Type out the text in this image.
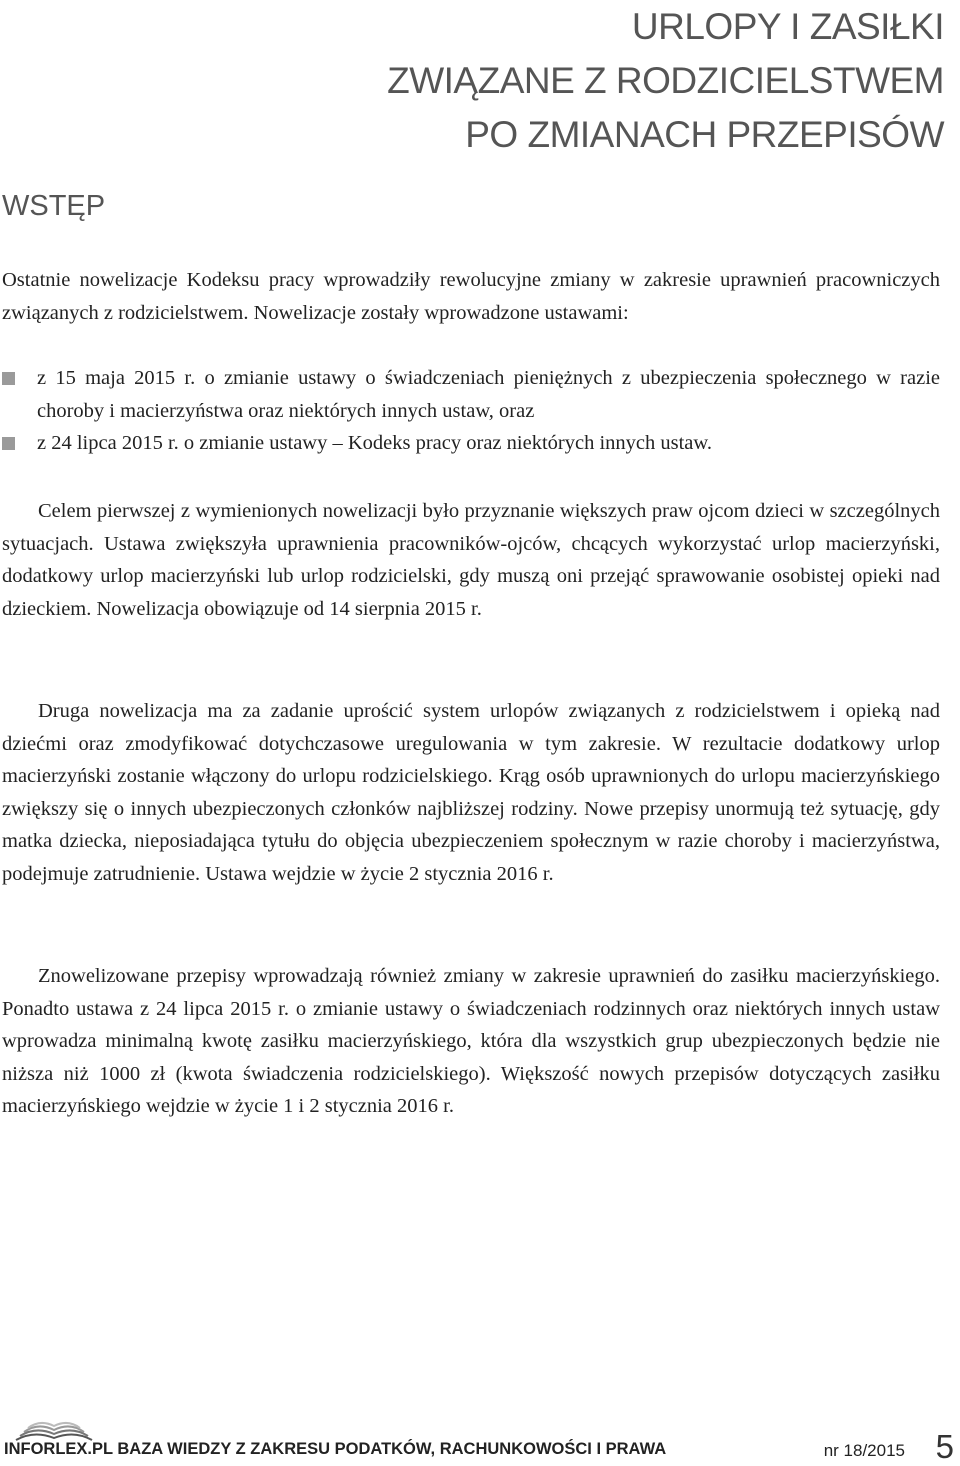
URLOPY I ZASIŁKI
ZWIĄZANE Z RODZICIELSTWEM
PO ZMIANACH PRZEPISÓW
WSTĘP

Ostatnie nowelizacje Kodeksu pracy wprowadziły rewolucyjne zmiany w zakresie uprawnień pracowniczych związanych z rodzicielstwem. Nowelizacje zostały wprowadzone ustawami:

z 15 maja 2015 r. o zmianie ustawy o świadczeniach pieniężnych z ubezpieczenia społecznego w razie choroby i macierzyństwa oraz niektórych innych ustaw, oraz
z 24 lipca 2015 r. o zmianie ustawy – Kodeks pracy oraz niektórych innych ustaw.

Celem pierwszej z wymienionych nowelizacji było przyznanie większych praw ojcom dzieci w szczególnych sytuacjach. Ustawa zwiększyła uprawnienia pracowników-ojców, chcących wykorzystać urlop macierzyński, dodatkowy urlop macierzyński lub urlop rodzicielski, gdy muszą oni przejąć sprawowanie osobistej opieki nad dzieckiem. Nowelizacja obowiązuje od 14 sierpnia 2015 r.

Druga nowelizacja ma za zadanie uprościć system urlopów związanych z rodzicielstwem i opieką nad dziećmi oraz zmodyfikować dotychczasowe uregulowania w tym zakresie. W rezultacie dodatkowy urlop macierzyński zostanie włączony do urlopu rodzicielskiego. Krąg osób uprawnionych do urlopu macierzyńskiego zwiększy się o innych ubezpieczonych członków najbliższej rodziny. Nowe przepisy unormują też sytuację, gdy matka dziecka, nieposiadająca tytułu do objęcia ubezpieczeniem społecznym w razie choroby i macierzyństwa, podejmuje zatrudnienie. Ustawa wejdzie w życie 2 stycznia 2016 r.

Znowelizowane przepisy wprowadzają również zmiany w zakresie uprawnień do zasiłku macierzyńskiego. Ponadto ustawa z 24 lipca 2015 r. o zmianie ustawy o świadczeniach rodzinnych oraz niektórych innych ustaw wprowadza minimalną kwotę zasiłku macierzyńskiego, która dla wszystkich grup ubezpieczonych będzie nie niższa niż 1000 zł (kwota świadczenia rodzicielskiego). Większość nowych przepisów dotyczących zasiłku macierzyńskiego wejdzie w życie 1 i 2 stycznia 2016 r.

INFORLEX.PL BAZA WIEDZY Z ZAKRESU PODATKÓW, RACHUNKOWOŚCI I PRAWA	nr 18/2015 5
